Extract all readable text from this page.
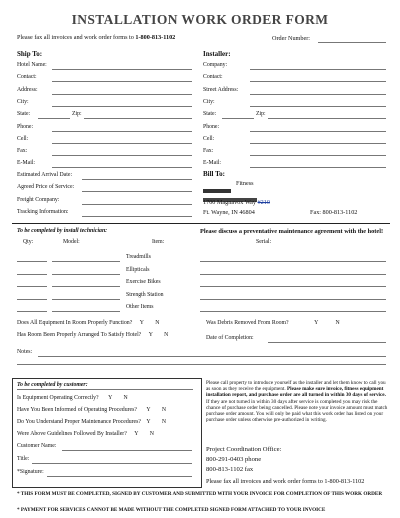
INSTALLATION WORK ORDER FORM
Please fax all invoices and work order forms to 1-800-813-1102	Order Number:
Ship To:	Installer:
Hotel Name:
Contact:
Address:
City:
State:	Zip:
Phone:
Cell:
Fax:
E-Mail:
Company:
Contact:
Street Address:
City:
State:	Zip:
Phone:
Cell:
Fax:
E-Mail:
Estimated Arrival Date:
Agreed Price of Service:
Freight Company:
Tracking Information:
Bill To:
Fitness
1700 Magnavox Way #210
Ft. Wayne, IN 46804	Fax: 800-813-1102
To be completed by install technician:	Please discuss a preventative maintenance agreement with the hotel!
Qty:	Model:	Item:	Serial:
Treadmills
Ellipticals
Exercise Bikes
Strength Station
Other Items
Does All Equipment In Room Properly Function? Y N
Has Room Been Properly Arranged To Satisfy Hotel? Y N
Was Debris Removed From Room?	Y	N
Date of Completion:
Notes:
To be completed by customer:
Is Equipment Operating Correctly? Y N
Have You Been Informed of Operating Procedures? Y N
Do You Understand Proper Maintenance Procedures? Y N
Were Above Guidelines Followed By Installer? Y N
Customer Name:
Title:
*Signature:
Please call property to introduce yourself as the installer and let them know to call you as soon as they receive the equipment. Please make sure invoice, fitness equipment installation report, and purchase order are all turned in within 30 days of service. If they are not turned in within 30 days after service is completed you may risk the chance of purchase order being cancelled. Please note your invoice amount must match purchase order amount. You will only be paid what this work order has listed on your purchase order unless otherwise pre-authorized in writing.
Project Coordination Office:
800-291-0403 phone
800-813-1102 fax
Please fax all invoices and work order forms to 1-800-813-1102
* THIS FORM MUST BE COMPLETED, SIGNED BY CUSTOMER AND SUBMITTED WITH YOUR INVOICE FOR COMPLETION OF THIS WORK ORDER
* PAYMENT FOR SERVICES CANNOT BE MADE WITHOUT THE COMPLETED SIGNED FORM ATTACHED TO YOUR INVOICE
